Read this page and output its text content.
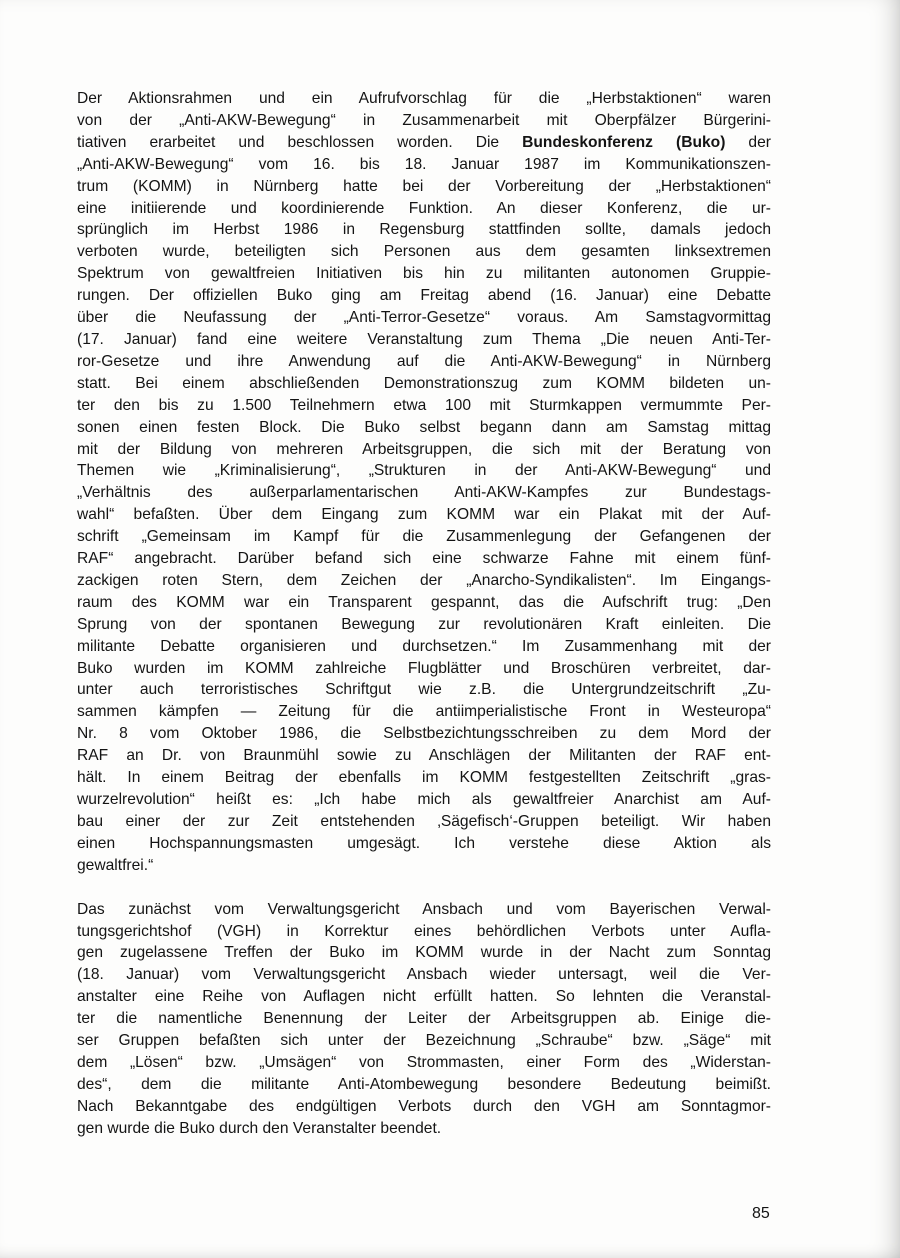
Der Aktionsrahmen und ein Aufrufvorschlag für die „Herbstaktionen“ waren
von der „Anti-AKW-Bewegung“ in Zusammenarbeit mit Oberpfälzer Bürgerini-
tiativen erarbeitet und beschlossen worden. Die Bundeskonferenz (Buko) der
„Anti-AKW-Bewegung“ vom 16. bis 18. Januar 1987 im Kommunikationszen-
trum (KOMM) in Nürnberg hatte bei der Vorbereitung der „Herbstaktionen“
eine initiierende und koordinierende Funktion. An dieser Konferenz, die ur-
sprünglich im Herbst 1986 in Regensburg stattfinden sollte, damals jedoch
verboten wurde, beteiligten sich Personen aus dem gesamten linksextremen
Spektrum von gewaltfreien Initiativen bis hin zu militanten autonomen Gruppie-
rungen. Der offiziellen Buko ging am Freitag abend (16. Januar) eine Debatte
über die Neufassung der „Anti-Terror-Gesetze“ voraus. Am Samstagvormittag
(17. Januar) fand eine weitere Veranstaltung zum Thema „Die neuen Anti-Ter-
ror-Gesetze und ihre Anwendung auf die Anti-AKW-Bewegung“ in Nürnberg
statt. Bei einem abschließenden Demonstrationszug zum KOMM bildeten un-
ter den bis zu 1.500 Teilnehmern etwa 100 mit Sturmkappen vermummte Per-
sonen einen festen Block. Die Buko selbst begann dann am Samstag mittag
mit der Bildung von mehreren Arbeitsgruppen, die sich mit der Beratung von
Themen wie „Kriminalisierung“, „Strukturen in der Anti-AKW-Bewegung“ und
„Verhältnis des außerparlamentarischen Anti-AKW-Kampfes zur Bundestags-
wahl“ befaßten. Über dem Eingang zum KOMM war ein Plakat mit der Auf-
schrift „Gemeinsam im Kampf für die Zusammenlegung der Gefangenen der
RAF“ angebracht. Darüber befand sich eine schwarze Fahne mit einem fünf-
zackigen roten Stern, dem Zeichen der „Anarcho-Syndikalisten“. Im Eingangs-
raum des KOMM war ein Transparent gespannt, das die Aufschrift trug: „Den
Sprung von der spontanen Bewegung zur revolutionären Kraft einleiten. Die
militante Debatte organisieren und durchsetzen.“ Im Zusammenhang mit der
Buko wurden im KOMM zahlreiche Flugblätter und Broschüren verbreitet, dar-
unter auch terroristisches Schriftgut wie z.B. die Untergrundzeitschrift „Zu-
sammen kämpfen — Zeitung für die antiimperialistische Front in Westeuropa“
Nr. 8 vom Oktober 1986, die Selbstbezichtungsschreiben zu dem Mord der
RAF an Dr. von Braunmühl sowie zu Anschlägen der Militanten der RAF ent-
hält. In einem Beitrag der ebenfalls im KOMM festgestellten Zeitschrift „gras-
wurzelrevolution“ heißt es: „Ich habe mich als gewaltfreier Anarchist am Auf-
bau einer der zur Zeit entstehenden ‚Sägefisch‘-Gruppen beteiligt. Wir haben
einen Hochspannungsmasten umgesägt. Ich verstehe diese Aktion als
gewaltfrei.“

Das zunächst vom Verwaltungsgericht Ansbach und vom Bayerischen Verwal-
tungsgerichtshof (VGH) in Korrektur eines behördlichen Verbots unter Aufla-
gen zugelassene Treffen der Buko im KOMM wurde in der Nacht zum Sonntag
(18. Januar) vom Verwaltungsgericht Ansbach wieder untersagt, weil die Ver-
anstalter eine Reihe von Auflagen nicht erfüllt hatten. So lehnten die Veranstal-
ter die namentliche Benennung der Leiter der Arbeitsgruppen ab. Einige die-
ser Gruppen befaßten sich unter der Bezeichnung „Schraube“ bzw. „Säge“ mit
dem „Lösen“ bzw. „Umsägen“ von Strommasten, einer Form des „Widerstan-
des“, dem die militante Anti-Atombewegung besondere Bedeutung beimißt.
Nach Bekanntgabe des endgültigen Verbots durch den VGH am Sonntagmor-
gen wurde die Buko durch den Veranstalter beendet.

85
